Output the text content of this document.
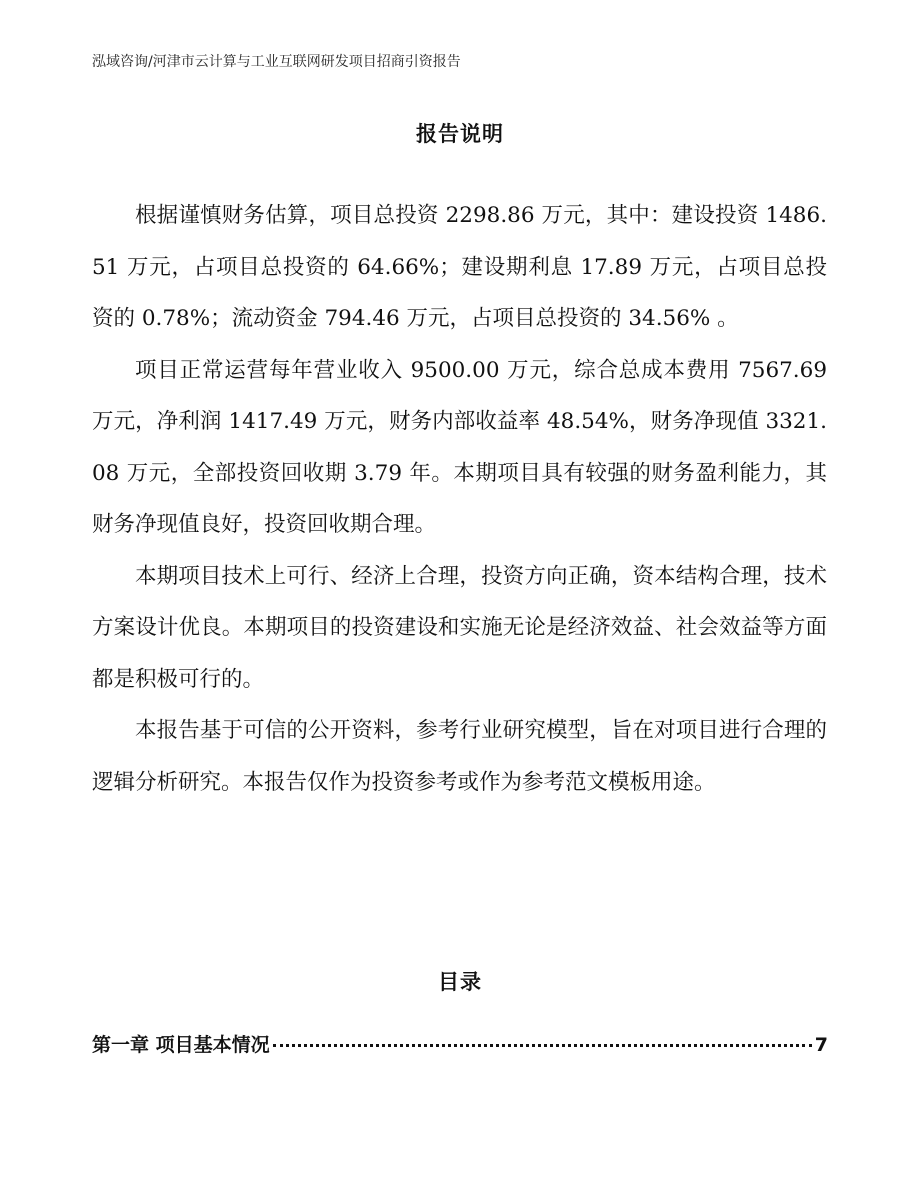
泓域咨询/河津市云计算与工业互联网研发项目招商引资报告
报告说明

根据谨慎财务估算，项目总投资 2298.86 万元，其中：建设投资 1486.51 万元，占项目总投资的 64.66%；建设期利息 17.89 万元，占项目总投资的 0.78%；流动资金 794.46 万元，占项目总投资的 34.56% 。

项目正常运营每年营业收入 9500.00 万元，综合总成本费用 7567.69 万元，净利润 1417.49 万元，财务内部收益率 48.54%，财务净现值 3321.08 万元，全部投资回收期 3.79 年。本期项目具有较强的财务盈利能力，其财务净现值良好，投资回收期合理。

本期项目技术上可行、经济上合理，投资方向正确，资本结构合理，技术方案设计优良。本期项目的投资建设和实施无论是经济效益、社会效益等方面都是积极可行的。

本报告基于可信的公开资料，参考行业研究模型，旨在对项目进行合理的逻辑分析研究。本报告仅作为投资参考或作为参考范文模板用途。

目录
第一章 项目基本情况	7
